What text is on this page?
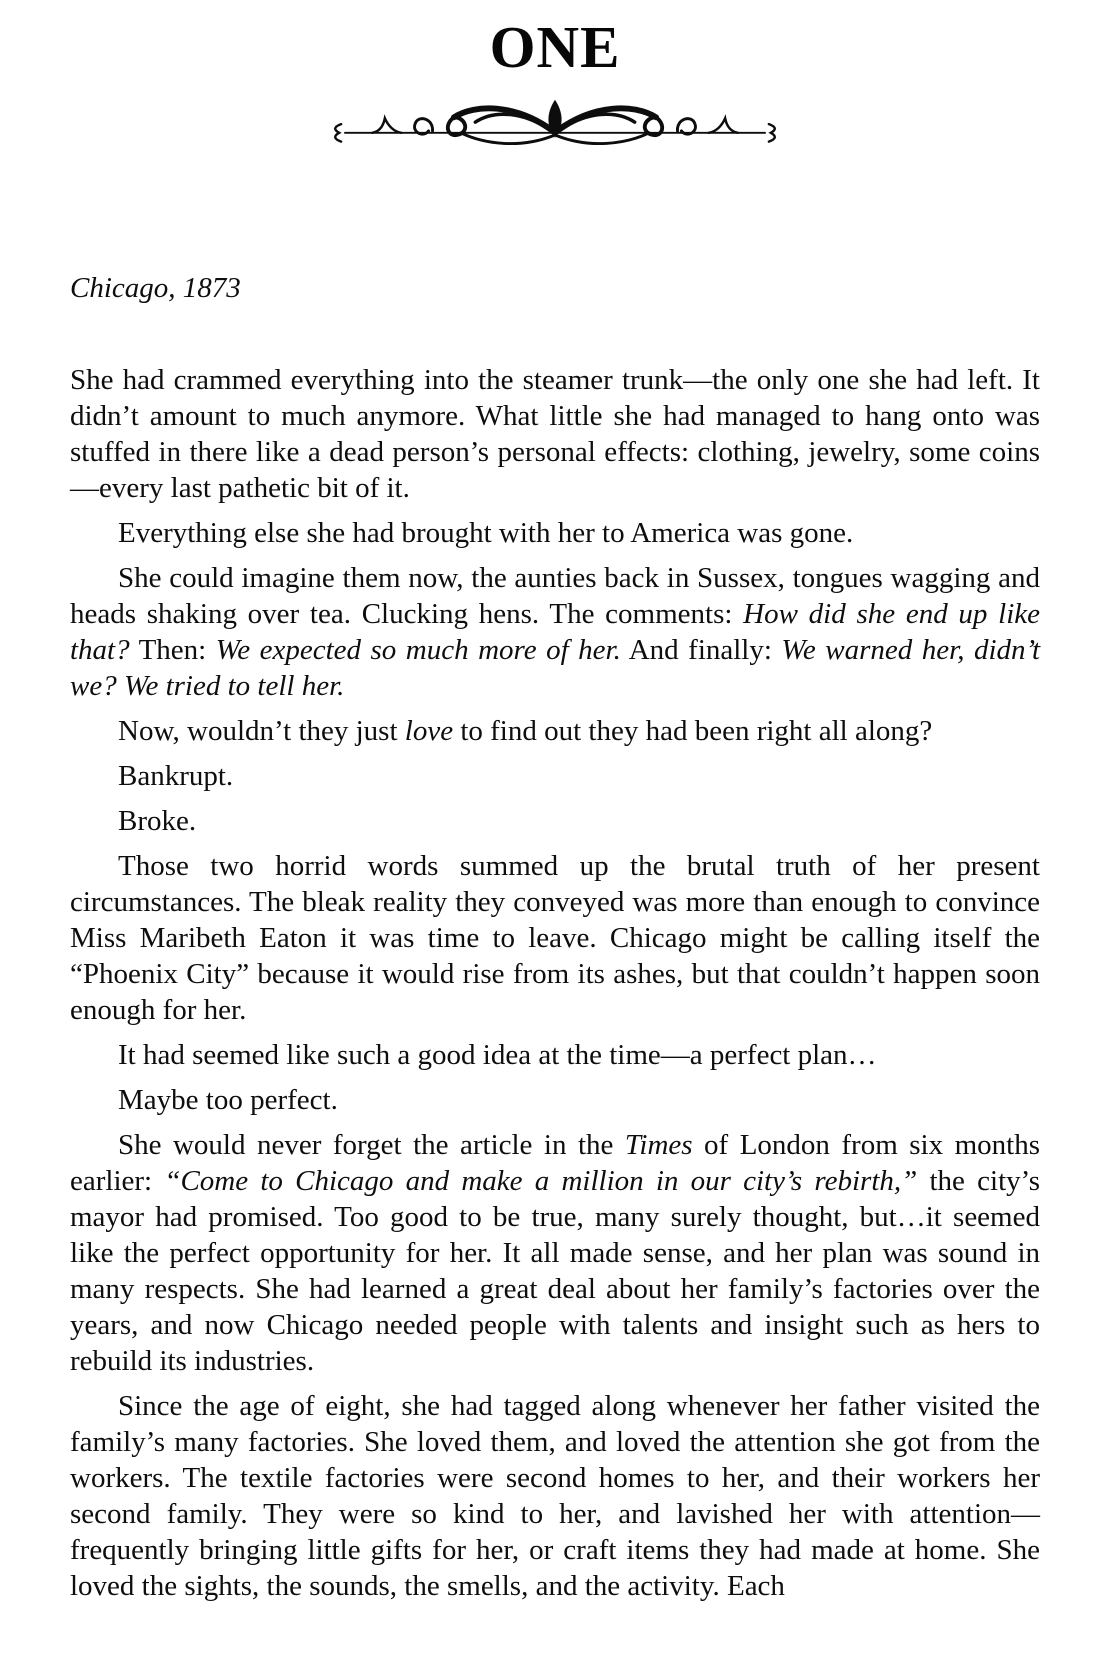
ONE
Chicago, 1873

She had crammed everything into the steamer trunk—the only one she had left. It didn’t amount to much anymore. What little she had managed to hang onto was stuffed in there like a dead person’s personal effects: clothing, jewelry, some coins—every last pathetic bit of it.

Everything else she had brought with her to America was gone.

She could imagine them now, the aunties back in Sussex, tongues wagging and heads shaking over tea. Clucking hens. The comments: How did she end up like that? Then: We expected so much more of her. And finally: We warned her, didn’t we? We tried to tell her.

Now, wouldn’t they just love to find out they had been right all along?

Bankrupt.

Broke.

Those two horrid words summed up the brutal truth of her present circumstances. The bleak reality they conveyed was more than enough to convince Miss Maribeth Eaton it was time to leave. Chicago might be calling itself the “Phoenix City” because it would rise from its ashes, but that couldn’t happen soon enough for her.

It had seemed like such a good idea at the time—a perfect plan…

Maybe too perfect.

She would never forget the article in the Times of London from six months earlier: “Come to Chicago and make a million in our city’s rebirth,” the city’s mayor had promised. Too good to be true, many surely thought, but…it seemed like the perfect opportunity for her. It all made sense, and her plan was sound in many respects. She had learned a great deal about her family’s factories over the years, and now Chicago needed people with talents and insight such as hers to rebuild its industries.

Since the age of eight, she had tagged along whenever her father visited the family’s many factories. She loved them, and loved the attention she got from the workers. The textile factories were second homes to her, and their workers her second family. They were so kind to her, and lavished her with attention—frequently bringing little gifts for her, or craft items they had made at home. She loved the sights, the sounds, the smells, and the activity. Each
